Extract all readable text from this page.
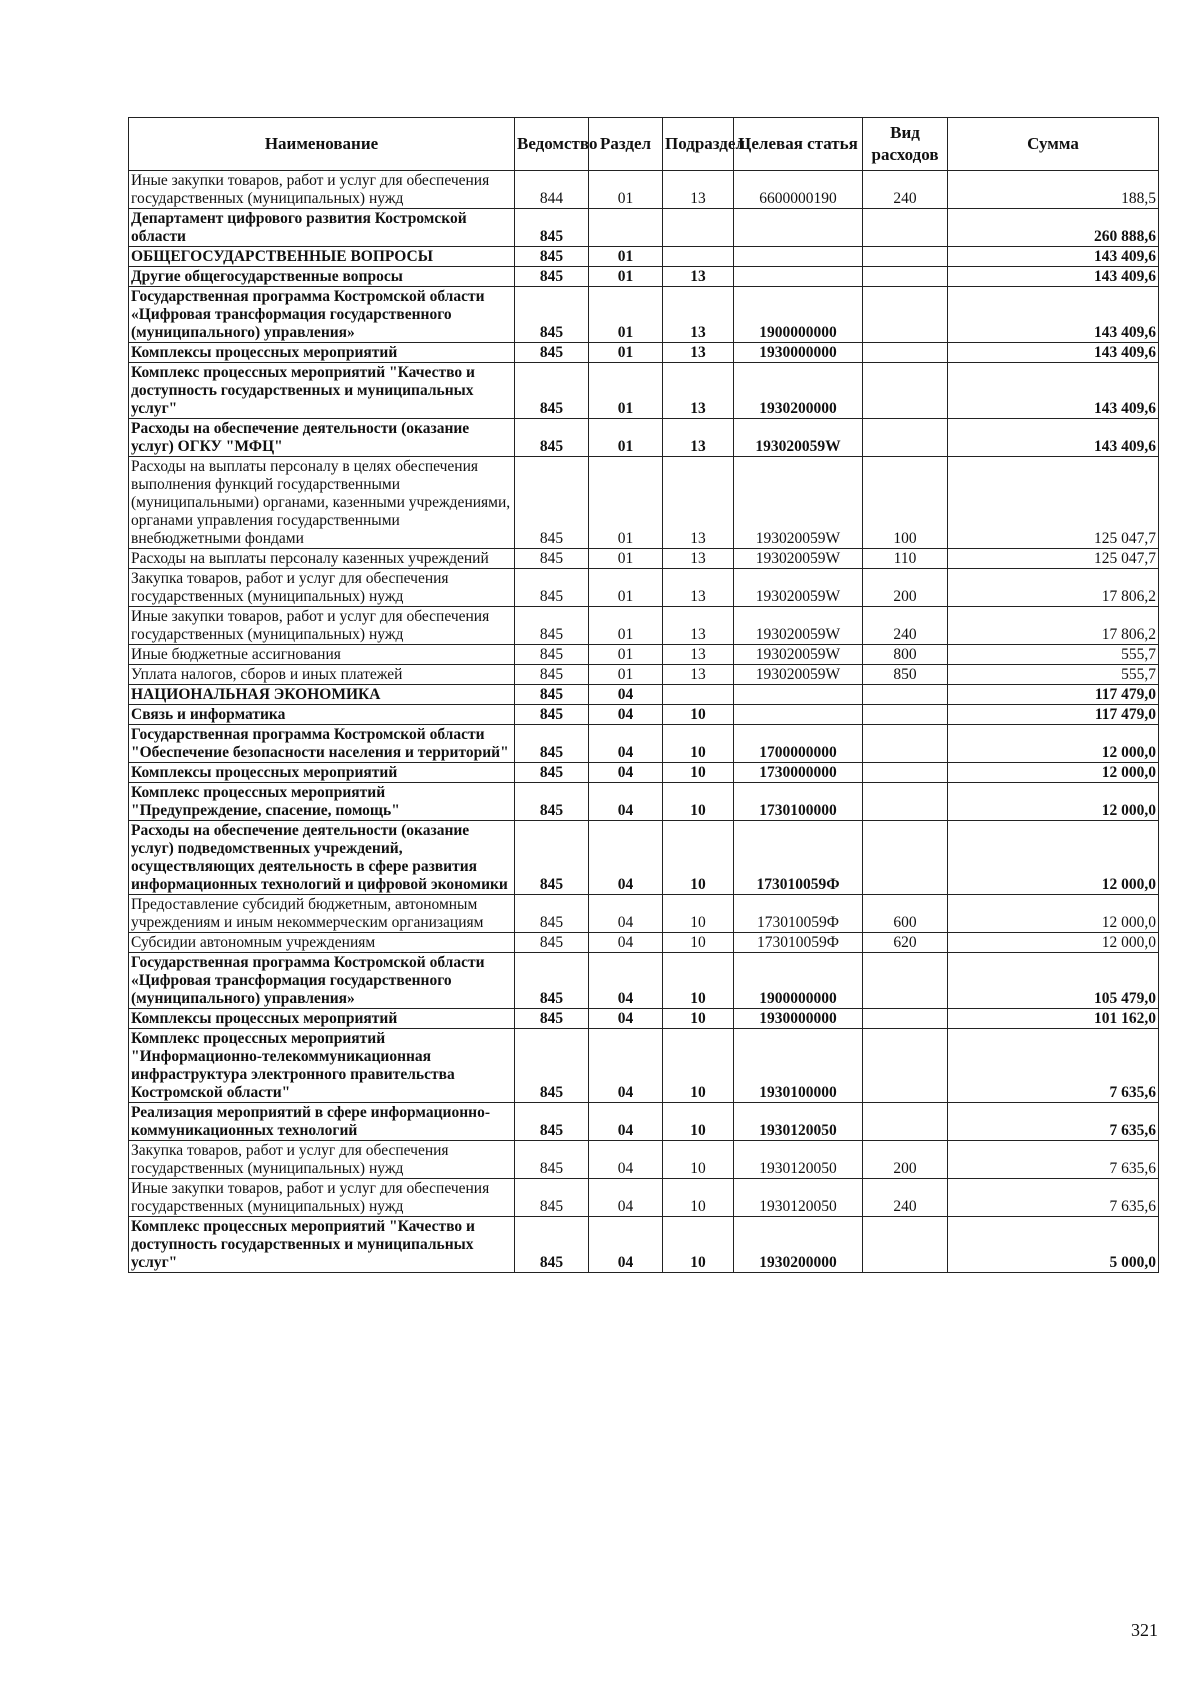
Наименование	Ведомство	Раздел	Подраздел	Целевая статья	Вид расходов	Сумма
Иные закупки товаров, работ и услуг для обеспечения государственных (муниципальных) нужд	844	01	13	6600000190	240	188,5
Департамент цифрового развития Костромской области	845					260 888,6
ОБЩЕГОСУДАРСТВЕННЫЕ ВОПРОСЫ	845	01				143 409,6
Другие общегосударственные вопросы	845	01	13			143 409,6
Государственная программа Костромской области «Цифровая трансформация государственного (муниципального) управления»	845	01	13	1900000000		143 409,6
Комплексы процессных мероприятий	845	01	13	1930000000		143 409,6
Комплекс процессных мероприятий "Качество и доступность государственных и муниципальных услуг"	845	01	13	1930200000		143 409,6
Расходы на обеспечение деятельности (оказание услуг) ОГКУ "МФЦ"	845	01	13	193020059W		143 409,6
Расходы на выплаты персоналу в целях обеспечения выполнения функций государственными (муниципальными) органами, казенными учреждениями, органами управления государственными внебюджетными фондами	845	01	13	193020059W	100	125 047,7
Расходы на выплаты персоналу казенных учреждений	845	01	13	193020059W	110	125 047,7
Закупка товаров, работ и услуг для обеспечения государственных (муниципальных) нужд	845	01	13	193020059W	200	17 806,2
Иные закупки товаров, работ и услуг для обеспечения государственных (муниципальных) нужд	845	01	13	193020059W	240	17 806,2
Иные бюджетные ассигнования	845	01	13	193020059W	800	555,7
Уплата налогов, сборов и иных платежей	845	01	13	193020059W	850	555,7
НАЦИОНАЛЬНАЯ ЭКОНОМИКА	845	04				117 479,0
Связь и информатика	845	04	10			117 479,0
Государственная программа Костромской области "Обеспечение безопасности населения и территорий"	845	04	10	1700000000		12 000,0
Комплексы процессных мероприятий	845	04	10	1730000000		12 000,0
Комплекс процессных мероприятий "Предупреждение, спасение, помощь"	845	04	10	1730100000		12 000,0
Расходы на обеспечение деятельности (оказание услуг) подведомственных учреждений, осуществляющих деятельность в сфере развития информационных технологий и цифровой экономики	845	04	10	173010059Ф		12 000,0
Предоставление субсидий бюджетным, автономным учреждениям и иным некоммерческим организациям	845	04	10	173010059Ф	600	12 000,0
Субсидии автономным учреждениям	845	04	10	173010059Ф	620	12 000,0
Государственная программа Костромской области «Цифровая трансформация государственного (муниципального) управления»	845	04	10	1900000000		105 479,0
Комплексы процессных мероприятий	845	04	10	1930000000		101 162,0
Комплекс процессных мероприятий "Информационно-телекоммуникационная инфраструктура электронного правительства Костромской области"	845	04	10	1930100000		7 635,6
Реализация мероприятий в сфере информационно-коммуникационных технологий	845	04	10	1930120050		7 635,6
Закупка товаров, работ и услуг для обеспечения государственных (муниципальных) нужд	845	04	10	1930120050	200	7 635,6
Иные закупки товаров, работ и услуг для обеспечения государственных (муниципальных) нужд	845	04	10	1930120050	240	7 635,6
Комплекс процессных мероприятий "Качество и доступность государственных и муниципальных услуг"	845	04	10	1930200000		5 000,0
321
